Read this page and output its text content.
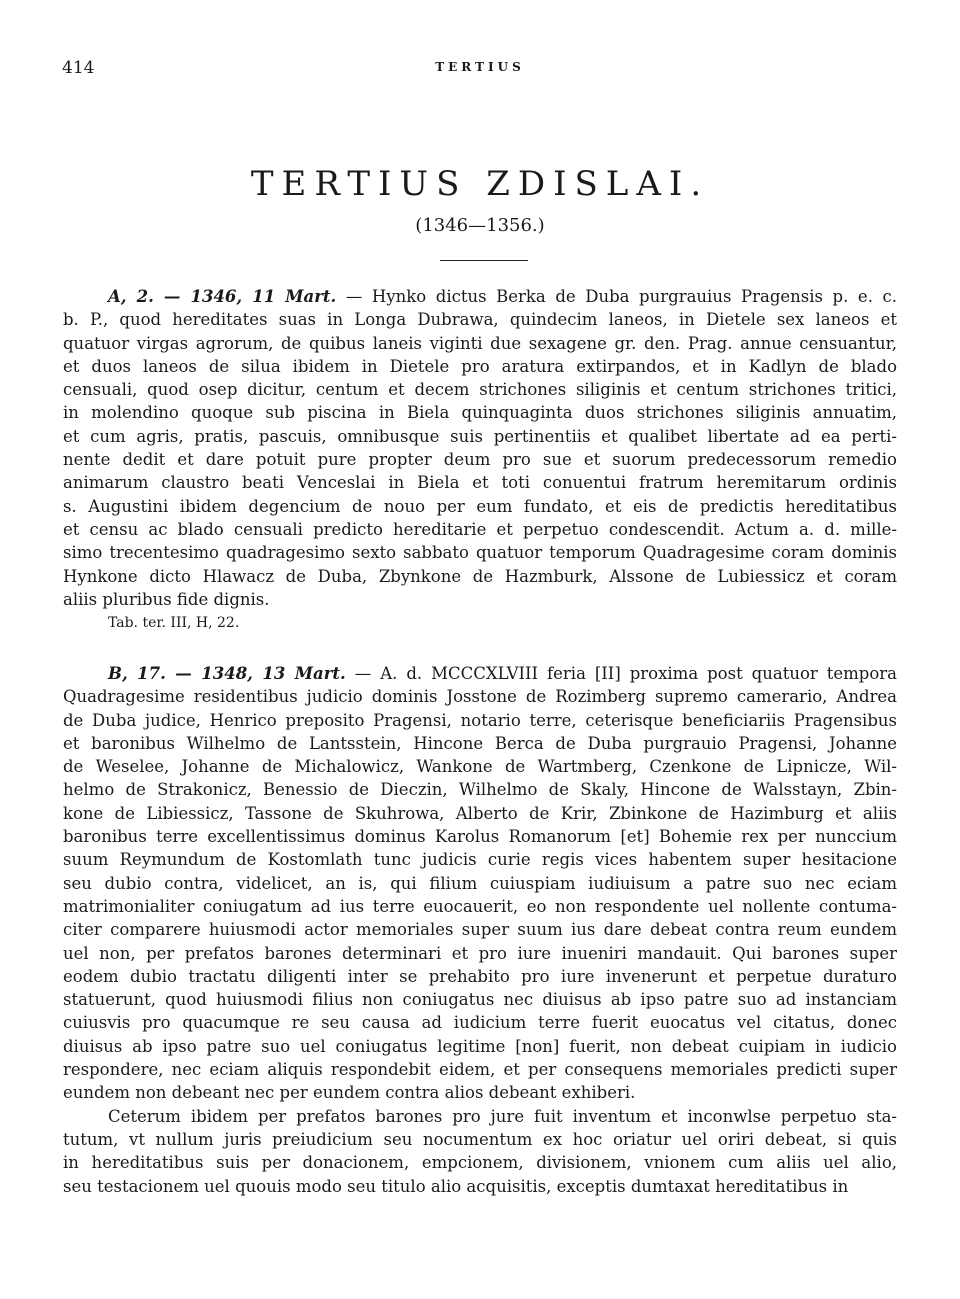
414	TERTIUS
TERTIUS ZDISLAI.
(1346—1356.)
A, 2. — 1346, 11 Mart. — Hynko dictus Berka de Duba purgrauius Pragensis p. e. c.
b. P., quod hereditates suas in Longa Dubrawa, quindecim laneos, in Dietele sex laneos et
quatuor virgas agrorum, de quibus laneis viginti due sexagene gr. den. Prag. annue censuantur,
et duos laneos de silua ibidem in Dietele pro aratura extirpandos, et in Kadlyn de blado
censuali, quod osep dicitur, centum et decem strichones siliginis et centum strichones tritici,
in molendino quoque sub piscina in Biela quinquaginta duos strichones siliginis annuatim,
et cum agris, pratis, pascuis, omnibusque suis pertinentiis et qualibet libertate ad ea perti-
nente dedit et dare potuit pure propter deum pro sue et suorum predecessorum remedio
animarum claustro beati Venceslai in Biela et toti conuentui fratrum heremitarum ordinis
s. Augustini ibidem degencium de nouo per eum fundato, et eis de predictis hereditatibus
et censu ac blado censuali predicto hereditarie et perpetuo condescendit. Actum a. d. mille-
simo trecentesimo quadragesimo sexto sabbato quatuor temporum Quadragesime coram dominis
Hynkone dicto Hlawacz de Duba, Zbynkone de Hazmburk, Alssone de Lubiessicz et coram
aliis pluribus fide dignis.
Tab. ter. III, H, 22.
B, 17. — 1348, 13 Mart. — A. d. MCCCXLVIII feria [II] proxima post quatuor tempora
Quadragesime residentibus judicio dominis Josstone de Rozimberg supremo camerario, Andrea
de Duba judice, Henrico preposito Pragensi, notario terre, ceterisque beneficiariis Pragensibus
et baronibus Wilhelmo de Lantsstein, Hincone Berca de Duba purgrauio Pragensi, Johanne
de Weselee, Johanne de Michalowicz, Wankone de Wartmberg, Czenkone de Lipnicze, Wil-
helmo de Strakonicz, Benessio de Dieczin, Wilhelmo de Skaly, Hincone de Walsstayn, Zbin-
kone de Libiessicz, Tassone de Skuhrowa, Alberto de Krir, Zbinkone de Hazimburg et aliis
baronibus terre excellentissimus dominus Karolus Romanorum [et] Bohemie rex per nunccium
suum Reymundum de Kostomlath tunc judicis curie regis vices habentem super hesitacione
seu dubio contra, videlicet, an is, qui filium cuiuspiam iudiuisum a patre suo nec eciam
matrimonialiter coniugatum ad ius terre euocauerit, eo non respondente uel nollente contuma-
citer comparere huiusmodi actor memoriales super suum ius dare debeat contra reum eundem
uel non, per prefatos barones determinari et pro iure inueniri mandauit. Qui barones super
eodem dubio tractatu diligenti inter se prehabito pro iure invenerunt et perpetue duraturo
statuerunt, quod huiusmodi filius non coniugatus nec diuisus ab ipso patre suo ad instanciam
cuiusvis pro quacumque re seu causa ad iudicium terre fuerit euocatus vel citatus, donec
diuisus ab ipso patre suo uel coniugatus legitime [non] fuerit, non debeat cuipiam in iudicio
respondere, nec eciam aliquis respondebit eidem, et per consequens memoriales predicti super
eundem non debeant nec per eundem contra alios debeant exhiberi.
Ceterum ibidem per prefatos barones pro jure fuit inventum et inconwlse perpetuo sta-
tutum, vt nullum juris preiudicium seu nocumentum ex hoc oriatur uel oriri debeat, si quis
in hereditatibus suis per donacionem, empcionem, divisionem, vnionem cum aliis uel alio,
seu testacionem uel quouis modo seu titulo alio acquisitis, exceptis dumtaxat hereditatibus in
